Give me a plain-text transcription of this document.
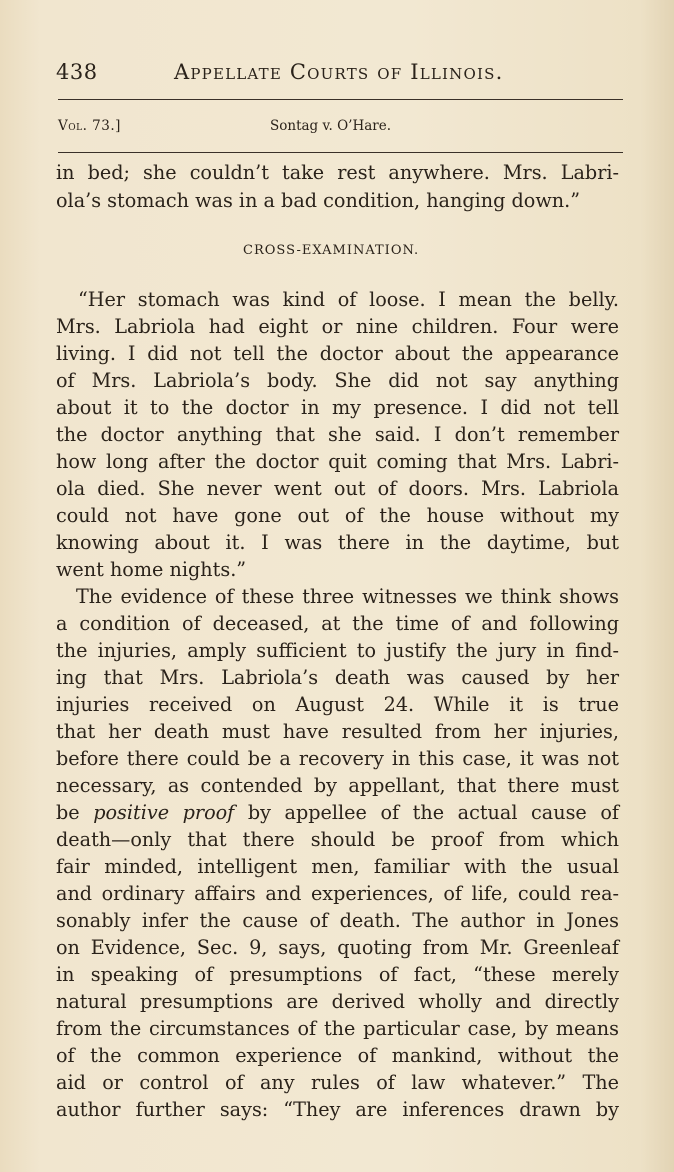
438	Appellate Courts of Illinois.
Vol. 73.]	Sontag v. O’Hare.
in bed; she couldn’t take rest anywhere. Mrs. Labri-
ola’s stomach was in a bad condition, hanging down.”
CROSS-EXAMINATION.
“Her stomach was kind of loose. I mean the belly.
Mrs. Labriola had eight or nine children. Four were
living. I did not tell the doctor about the appearance
of Mrs. Labriola’s body. She did not say anything
about it to the doctor in my presence. I did not tell
the doctor anything that she said. I don’t remember
how long after the doctor quit coming that Mrs. Labri-
ola died. She never went out of doors. Mrs. Labriola
could not have gone out of the house without my
knowing about it. I was there in the daytime, but
went home nights.”
The evidence of these three witnesses we think shows
a condition of deceased, at the time of and following
the injuries, amply sufficient to justify the jury in find-
ing that Mrs. Labriola’s death was caused by her
injuries received on August 24. While it is true
that her death must have resulted from her injuries,
before there could be a recovery in this case, it was not
necessary, as contended by appellant, that there must
be positive proof by appellee of the actual cause of
death—only that there should be proof from which
fair minded, intelligent men, familiar with the usual
and ordinary affairs and experiences, of life, could rea-
sonably infer the cause of death. The author in Jones
on Evidence, Sec. 9, says, quoting from Mr. Greenleaf
in speaking of presumptions of fact, “these merely
natural presumptions are derived wholly and directly
from the circumstances of the particular case, by means
of the common experience of mankind, without the
aid or control of any rules of law whatever.” The
author further says: “They are inferences drawn by
